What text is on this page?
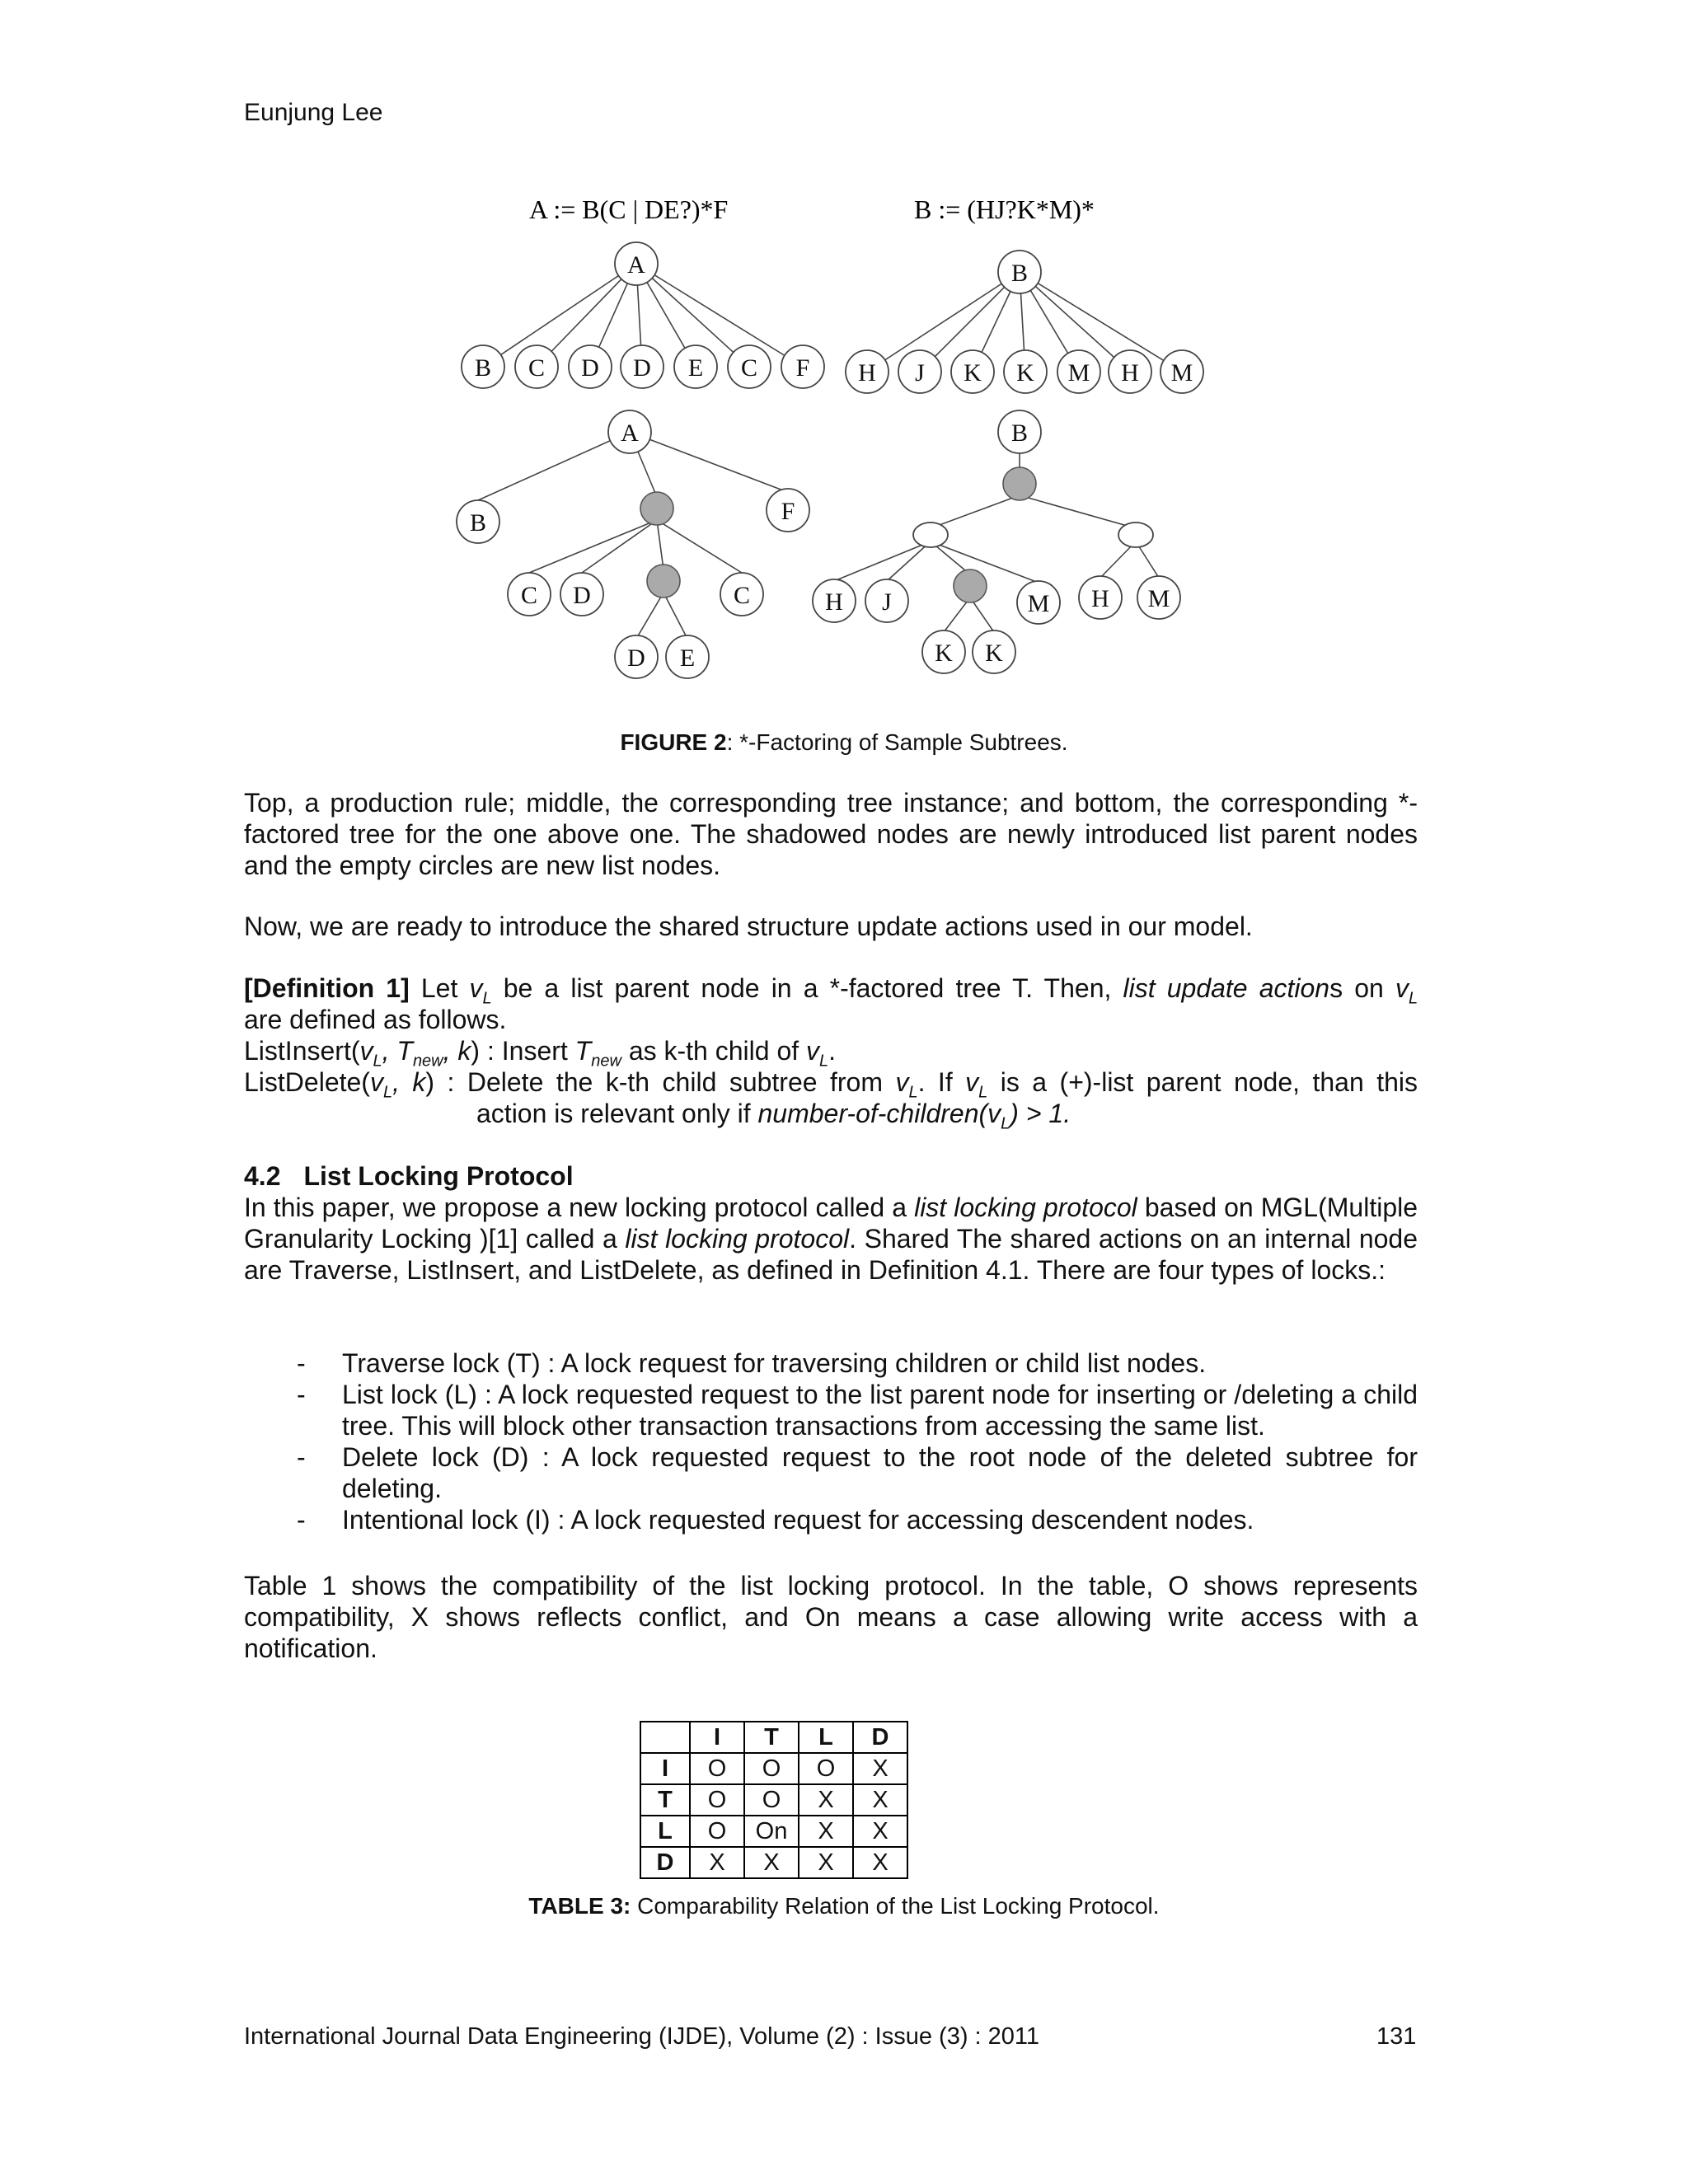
Eunjung Lee
A := B(C | DE?)*F	B := (HJ?K*M)*
A
B C D D E C F
B
H J K K M H M
A
B	F
C D	C
D E
B
H J	M H M
K K
FIGURE 2: *-Factoring of Sample Subtrees.

Top, a production rule; middle, the corresponding tree instance; and bottom, the corresponding *-factored tree for the one above one. The shadowed nodes are newly introduced list parent nodes and the empty circles are new list nodes.

Now, we are ready to introduce the shared structure update actions used in our model.
[Definition 1] Let $v_L$ be a list parent node in a *-factored tree T. Then, list update actions on $v_L$
are defined as follows.
$ListInsert(v_L$, $T_{new}$, k) : Insert $T_{new}$ as k-th child of $v_L$.
$ListDelete(v_L$, k) : Delete the k-th child subtree from $v_L$. If $v_L$ is a (+)-list parent node, than this
action is relevant only if number-$of-children(v_L) > 1$.
4.2 List Locking Protocol

In this paper, we propose a new locking protocol called a list locking protocol based on MGL(Multiple Granularity Locking )[1] called a list locking protocol. Shared The shared actions on an internal node are Traverse, ListInsert, and ListDelete, as defined in Definition 4.1. There are four types of locks.:

- Traverse lock (T) : A lock request for traversing children or child list nodes.
- List lock (L) : A lock requested request to the list parent node for inserting or /deleting a child tree. This will block other transaction transactions from accessing the same list.
- Delete lock (D) : A lock requested request to the root node of the deleted subtree for deleting.
- Intentional lock (I) : A lock requested request for accessing descendent nodes.

Table 1 shows the compatibility of the list locking protocol. In the table, O shows represents compatibility, X shows reflects conflict, and On means a case allowing write access with a notification.

	I	T	L	D
I	O	O	O	X
T	O	O	X	X
L	O	On	X	X
D	X	X	X	X
TABLE 3: Comparability Relation of the List Locking Protocol.
International Journal Data Engineering (IJDE), Volume (2) : Issue (3) : 2011	131
